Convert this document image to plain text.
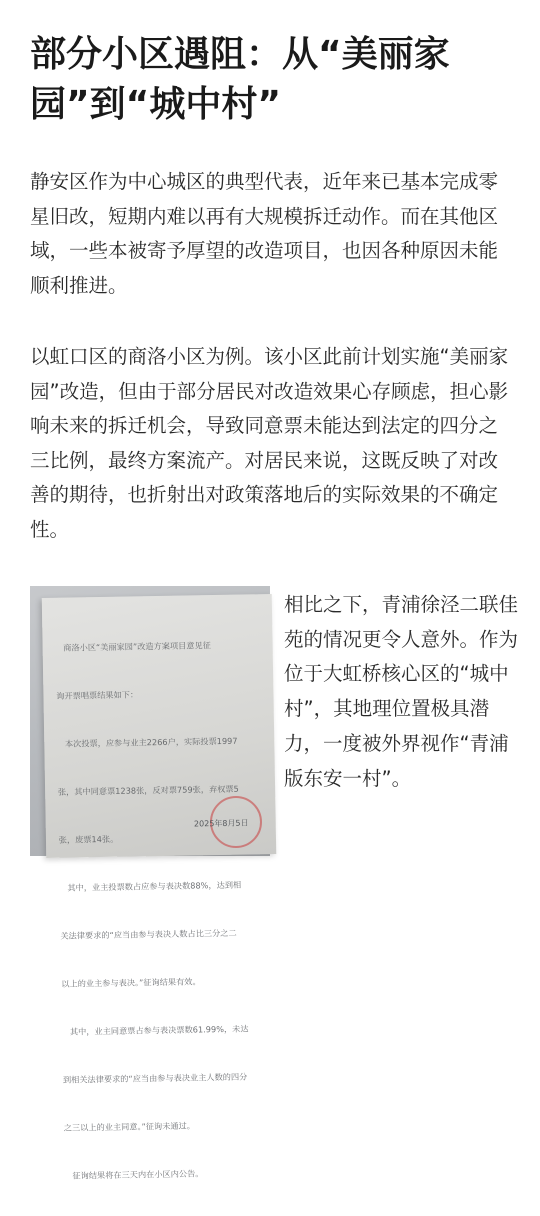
部分小区遇阻：从“美丽家园”到“城中村”

静安区作为中心城区的典型代表，近年来已基本完成零星旧改，短期内难以再有大规模拆迁动作。而在其他区域，一些本被寄予厚望的改造项目，也因各种原因未能顺利推进。

以虹口区的商洛小区为例。该小区此前计划实施“美丽家园”改造，但由于部分居民对改造效果心存顾虑，担心影响未来的拆迁机会，导致同意票未能达到法定的四分之三比例，最终方案流产。对居民来说，这既反映了对改善的期待，也折射出对政策落地后的实际效果的不确定性。

商洛小区“美丽家园”改造方案项目意见征

询开票唱票结果如下：

本次投票，应参与业主2266户，实际投票1997

张，其中同意票1238张，反对票759张，弃权票5

张，废票14张。

其中，业主投票数占应参与表决数88%，达到相

关法律要求的“应当由参与表决人数占比三分之二

以上的业主参与表决。”征询结果有效。

其中，业主同意票占参与表决票数61.99%，未达

到相关法律要求的“应当由参与表决业主人数的四分

之三以上的业主同意。”征询未通过。

征询结果将在三天内在小区内公告。

2025年8月5日

相比之下，青浦徐泾二联佳苑的情况更令人意外。作为位于大虹桥核心区的“城中村”，其地理位置极具潜力，一度被外界视作“青浦版东安一村”。
